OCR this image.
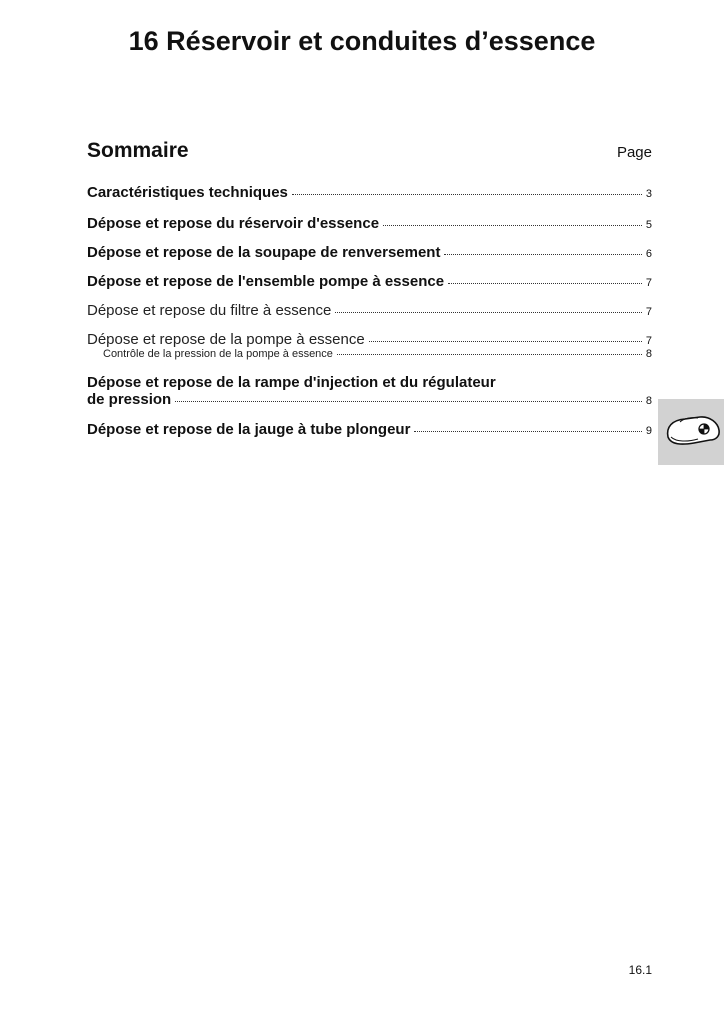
16 Réservoir et conduites d’essence
Sommaire	Page
Caractéristiques techniques	3
Dépose et repose du réservoir d'essence	5
Dépose et repose de la soupape de renversement	6
Dépose et repose de l'ensemble pompe à essence	7
Dépose et repose du filtre à essence	7
Dépose et repose de la pompe à essence	7
Contrôle de la pression de la pompe à essence	8
Dépose et repose de la rampe d'injection et du régulateur
de pression	8
Dépose et repose de la jauge à tube plongeur	9
16.1
